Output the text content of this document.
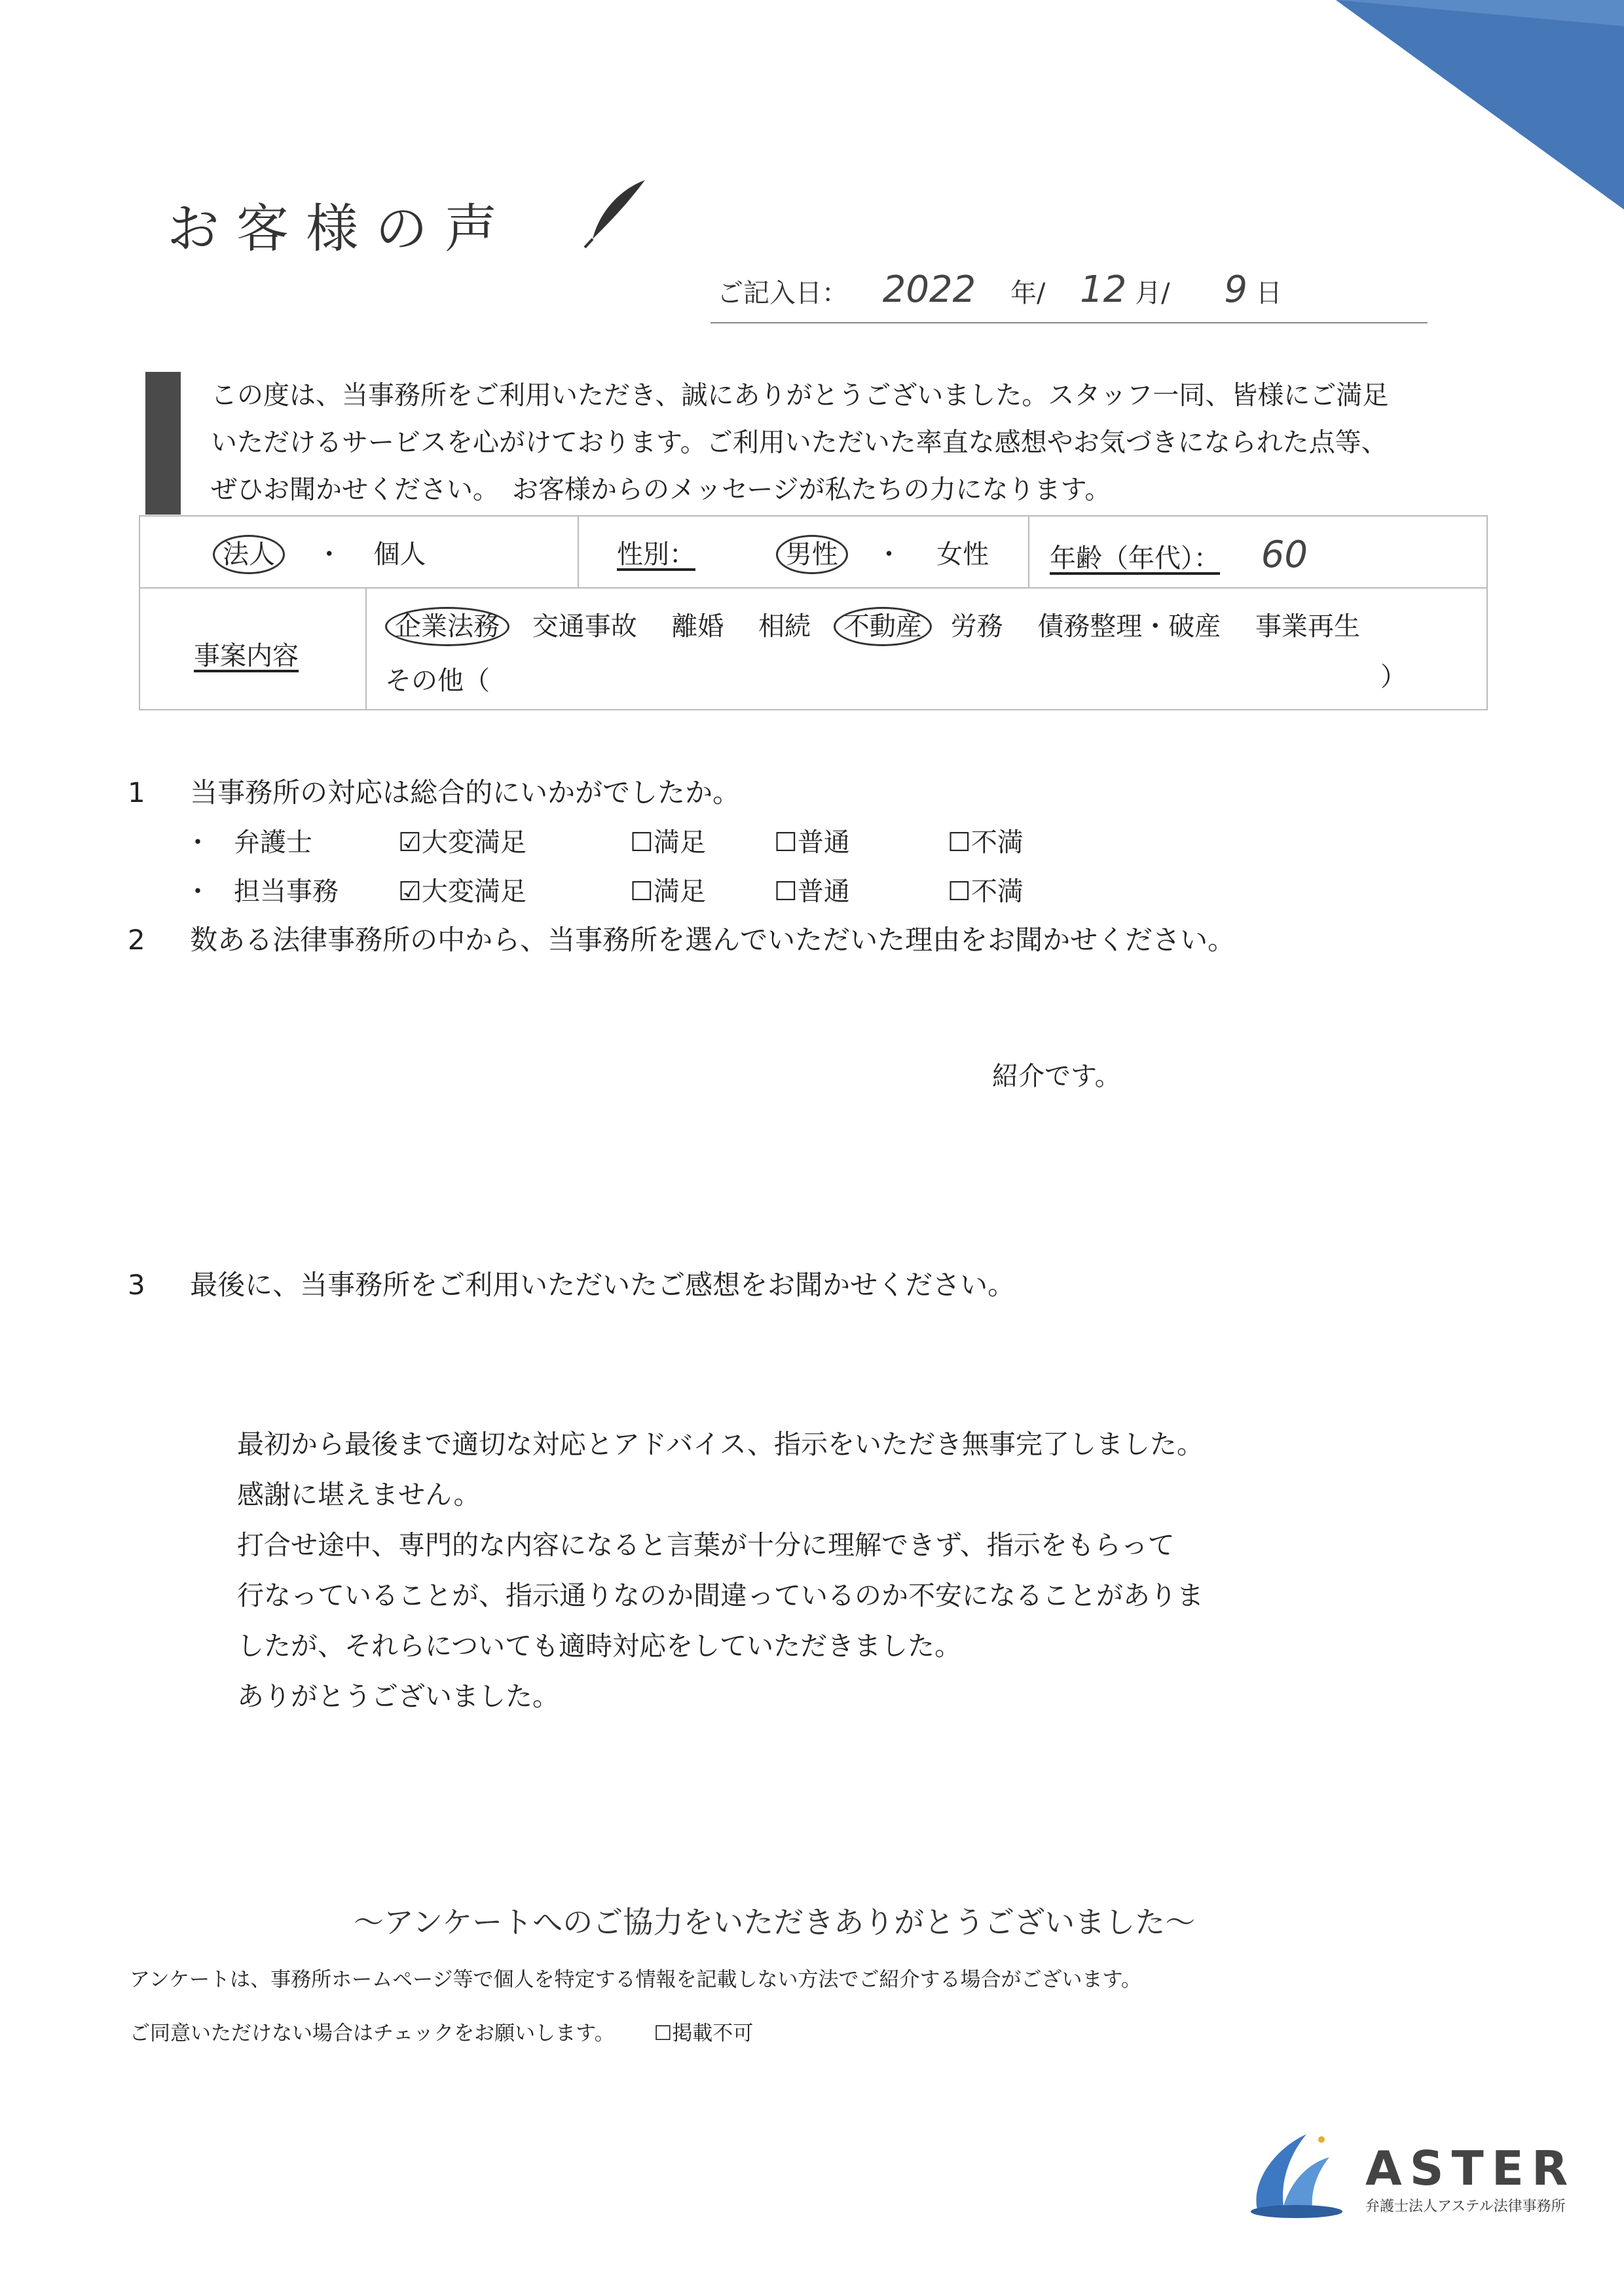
お客様の声
ご記入日： 2022 年/ 12 月/ 9 日
この度は、当事務所をご利用いただき、誠にありがとうございました。スタッフ一同、皆様にご満足
いただけるサービスを心がけております。ご利用いただいた率直な感想やお気づきになられた点等、
ぜひお聞かせください。　お客様からのメッセージが私たちの力になります。
法人 ・ 個人	性別：	男性 ・ 女性 年齢（年代）： 60
事案内容
企業法務 交通事故 離婚 相続 不動産 労務 債務整理・破産 事業再生
その他（	）
1 当事務所の対応は総合的にいかがでしたか。
・ 弁護士	☑大変満足	☐満足	☐普通	☐不満
・ 担当事務	☑大変満足	☐満足	☐普通	☐不満
2 数ある法律事務所の中から、当事務所を選んでいただいた理由をお聞かせください。
紹介です。
3 最後に、当事務所をご利用いただいたご感想をお聞かせください。
最初から最後まで適切な対応とアドバイス、指示をいただき無事完了しました。
感謝に堪えません。
打合せ途中、専門的な内容になると言葉が十分に理解できず、指示をもらって
行なっていることが、指示通りなのか間違っているのか不安になることがありま
したが、それらについても適時対応をしていただきました。
ありがとうございました。
～アンケートへのご協力をいただきありがとうございました～
アンケートは、事務所ホームページ等で個人を特定する情報を記載しない方法でご紹介する場合がございます。
ご同意いただけない場合はチェックをお願いします。 ☐掲載不可
ASTER
弁護士法人アステル法律事務所
